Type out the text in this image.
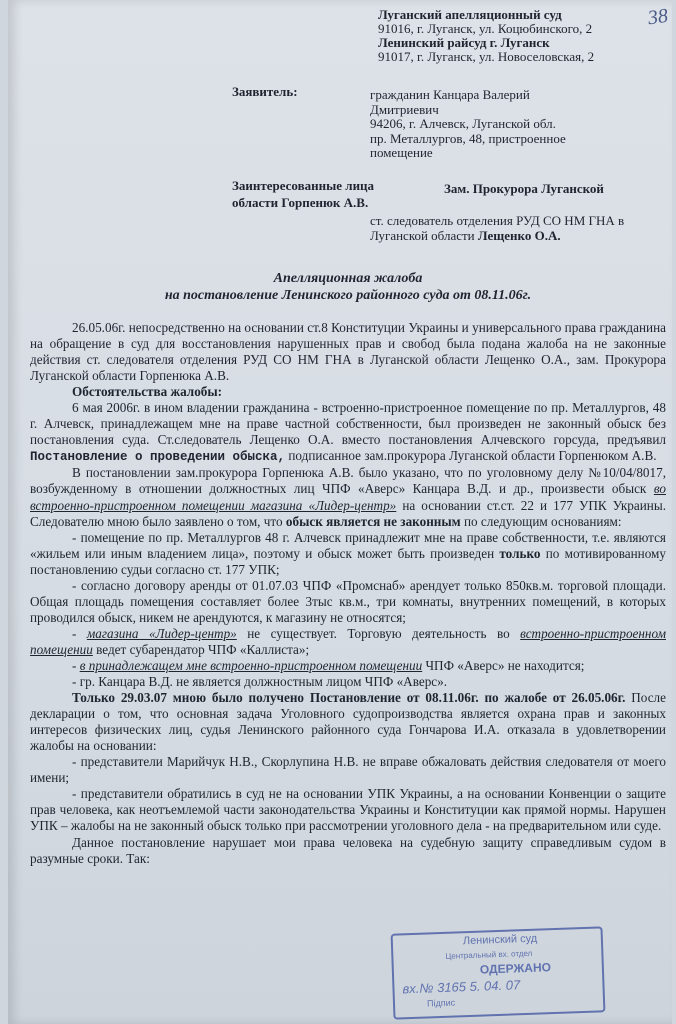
38
Луганский апелляционный суд
91016, г. Луганск, ул. Коцюбинского, 2
Ленинский райсуд г. Луганск
91017, г. Луганск, ул. Новоселовская, 2
Заявитель:	гражданин Канцара Валерий
Дмитриевич
94206, г. Алчевск, Луганской обл.
пр. Металлургов, 48, пристроенное
помещение
Заинтересованные лица	Зам. Прокурора Луганской
области Горпенюк А.В.
ст. следователь отделения РУД СО НМ ГНА в
Луганской области Лещенко О.А.
Апелляционная жалоба
на постановление Ленинского районного суда от 08.11.06г.

26.05.06г. непосредственно на основании ст.8 Конституции Украины и универсального права гражданина на обращение в суд для восстановления нарушенных прав и свобод была подана жалоба на не законные действия ст. следователя отделения РУД СО НМ ГНА в Луганской области Лещенко О.А., зам. Прокурора Луганской области Горпенюка А.В.

Обстоятельства жалобы:

6 мая 2006г. в ином владении гражданина - встроенно-пристроенное помещение по пр. Металлургов, 48 г. Алчевск, принадлежащем мне на праве частной собственности, был произведен не законный обыск без постановления суда. Ст.следователь Лещенко О.А. вместо постановления Алчевского горсуда, предъявил Постановление о проведении обыска, подписанное зам.прокурора Луганской области Горпенюком А.В.

В постановлении зам.прокурора Горпенюка А.В. было указано, что по уголовному делу №10/04/8017, возбужденному в отношении должностных лиц ЧПФ «Аверс» Канцара В.Д. и др., произвести обыск во встроенно-пристроенном помещении магазина «Лидер-центр» на основании ст.ст. 22 и 177 УПК Украины. Следователю мною было заявлено о том, что обыск является не законным по следующим основаниям:

- помещение по пр. Металлургов 48 г. Алчевск принадлежит мне на праве собственности, т.е. являются «жильем или иным владением лица», поэтому и обыск может быть произведен только по мотивированному постановлению судьи согласно ст. 177 УПК;

- согласно договору аренды от 01.07.03 ЧПФ «Промснаб» арендует только 850кв.м. торговой площади. Общая площадь помещения составляет более 3тыс кв.м., три комнаты, внутренних помещений, в которых проводился обыск, никем не арендуются, к магазину не относятся;

- магазина «Лидер-центр» не существует. Торговую деятельность во встроенно-пристроенном помещении ведет субарендатор ЧПФ «Каллиста»;

- в принадлежащем мне встроенно-пристроенном помещении ЧПФ «Аверс» не находится;

- гр. Канцара В.Д. не является должностным лицом ЧПФ «Аверс».

Только 29.03.07 мною было получено Постановление от 08.11.06г. по жалобе от 26.05.06г. После декларации о том, что основная задача Уголовного судопроизводства является охрана прав и законных интересов физических лиц, судья Ленинского районного суда Гончарова И.А. отказала в удовлетворении жалобы на основании:

- представители Марийчук Н.В., Скорлупина Н.В. не вправе обжаловать действия следователя от моего имени;

- представители обратились в суд не на основании УПК Украины, а на основании Конвенции о защите прав человека, как неотъемлемой части законодательства Украины и Конституции как прямой нормы. Нарушен УПК – жалобы на не законный обыск только при рассмотрении уголовного дела - на предварительном или суде.

Данное постановление нарушает мои права человека на судебную защиту справедливым судом в разумные сроки. Так:

Ленинский суд
Центральный вх. отдел
ОДЕРЖАНО
вх.№ 3165 5. 04. 07
Підпис
